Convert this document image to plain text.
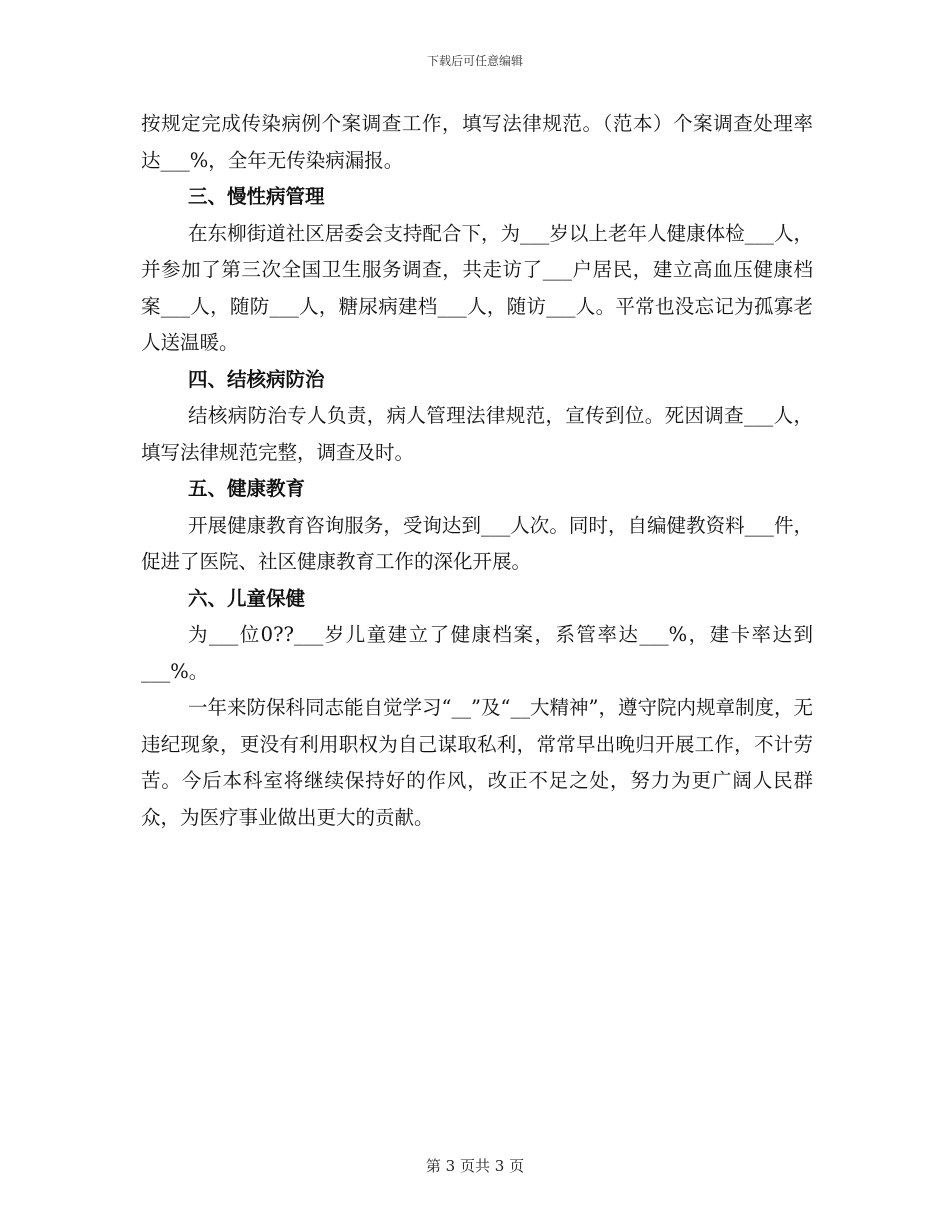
下载后可任意编辑

按规定完成传染病例个案调查工作，填写法律规范。（范本）个案调查处理率达___%，全年无传染病漏报。

三、慢性病管理

在东柳街道社区居委会支持配合下，为___岁以上老年人健康体检___人，并参加了第三次全国卫生服务调查，共走访了___户居民，建立高血压健康档案___人，随防___人，糖尿病建档___人，随访___人。平常也没忘记为孤寡老人送温暖。

四、结核病防治

结核病防治专人负责，病人管理法律规范，宣传到位。死因调查___人，填写法律规范完整，调查及时。

五、健康教育

开展健康教育咨询服务，受询达到___人次。同时，自编健教资料___件，促进了医院、社区健康教育工作的深化开展。

六、儿童保健

为___位0??___岁儿童建立了健康档案，系管率达___%，建卡率达到___%。

一年来防保科同志能自觉学习“__”及“__大精神”，遵守院内规章制度，无违纪现象，更没有利用职权为自己谋取私利，常常早出晚归开展工作，不计劳苦。今后本科室将继续保持好的作风，改正不足之处，努力为更广阔人民群众，为医疗事业做出更大的贡献。

第 3 页共 3 页
